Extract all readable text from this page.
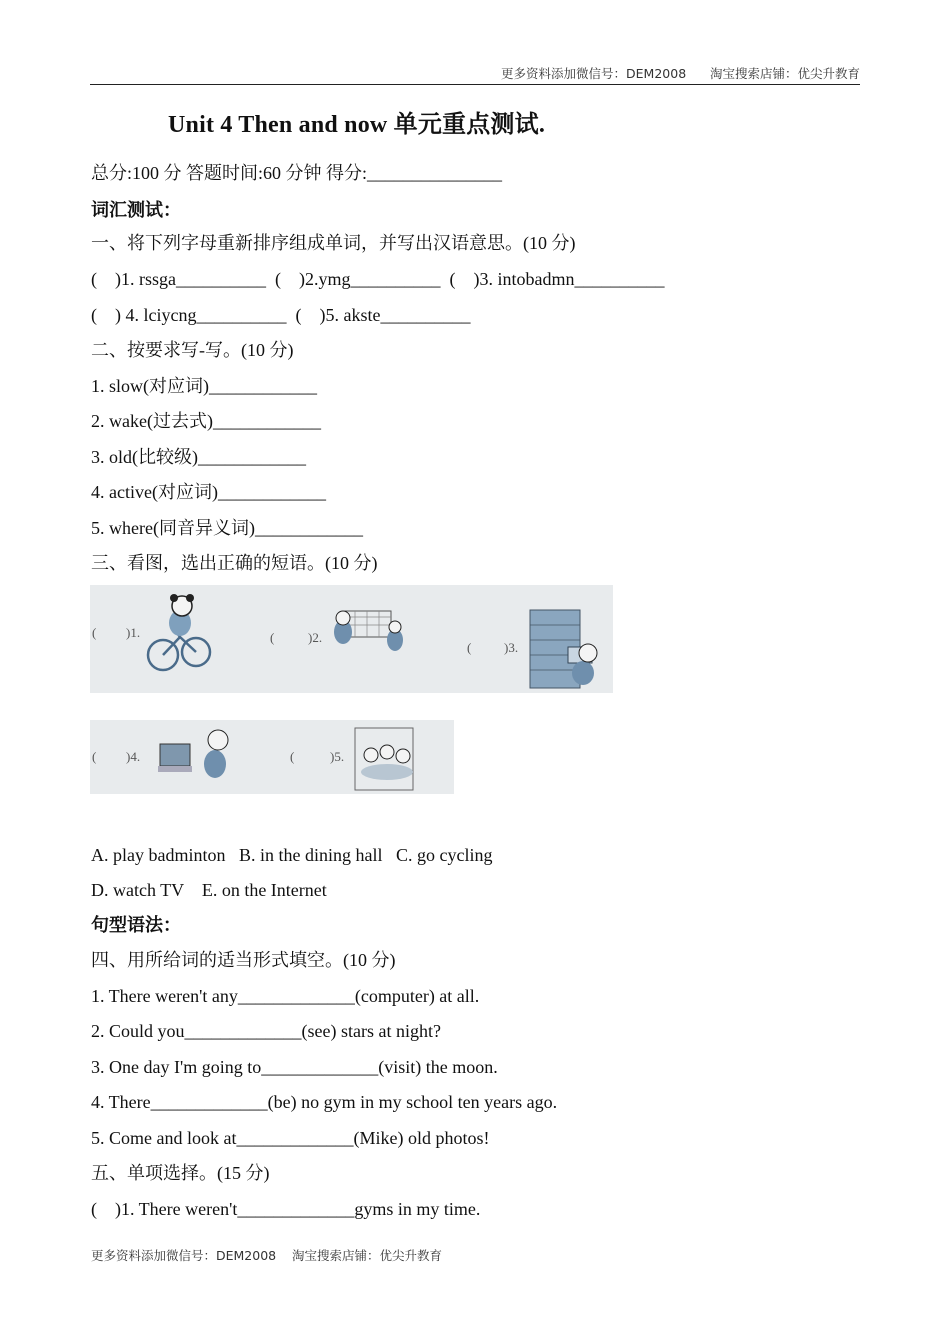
更多资料添加微信号：DEM2008      淘宝搜索店铺：优尖升教育
Unit 4 Then and now 单元重点测试.
总分:100 分 答题时间:60 分钟 得分:_______________
词汇测试：
一、将下列字母重新排序组成单词，并写出汉语意思。(10 分)
(    )1. rssga__________  (    )2.ymg__________  (    )3. intobadmn__________
(    ) 4. lciycng__________  (    )5. akste__________
二、按要求写-写。(10 分)
1. slow(对应词)____________
2. wake(过去式)____________
3. old(比较级)____________
4. active(对应词)____________
5. where(同音异义词)____________
三、看图，选出正确的短语。(10 分)
( )1.	(	)2.
(	)3.
( )4.	(	)5.
A. play badminton   B. in the dining hall   C. go cycling
D. watch TV    E. on the Internet
句型语法：
四、用所给词的适当形式填空。(10 分)
1. There weren't any_____________(computer) at all.
2. Could you_____________(see) stars at night?
3. One day I'm going to_____________(visit) the moon.
4. There_____________(be) no gym in my school ten years ago.
5. Come and look at_____________(Mike) old photos!
五、单项选择。(15 分)
(    )1. There weren't_____________gyms in my time.
更多资料添加微信号：DEM2008    淘宝搜索店铺：优尖升教育
